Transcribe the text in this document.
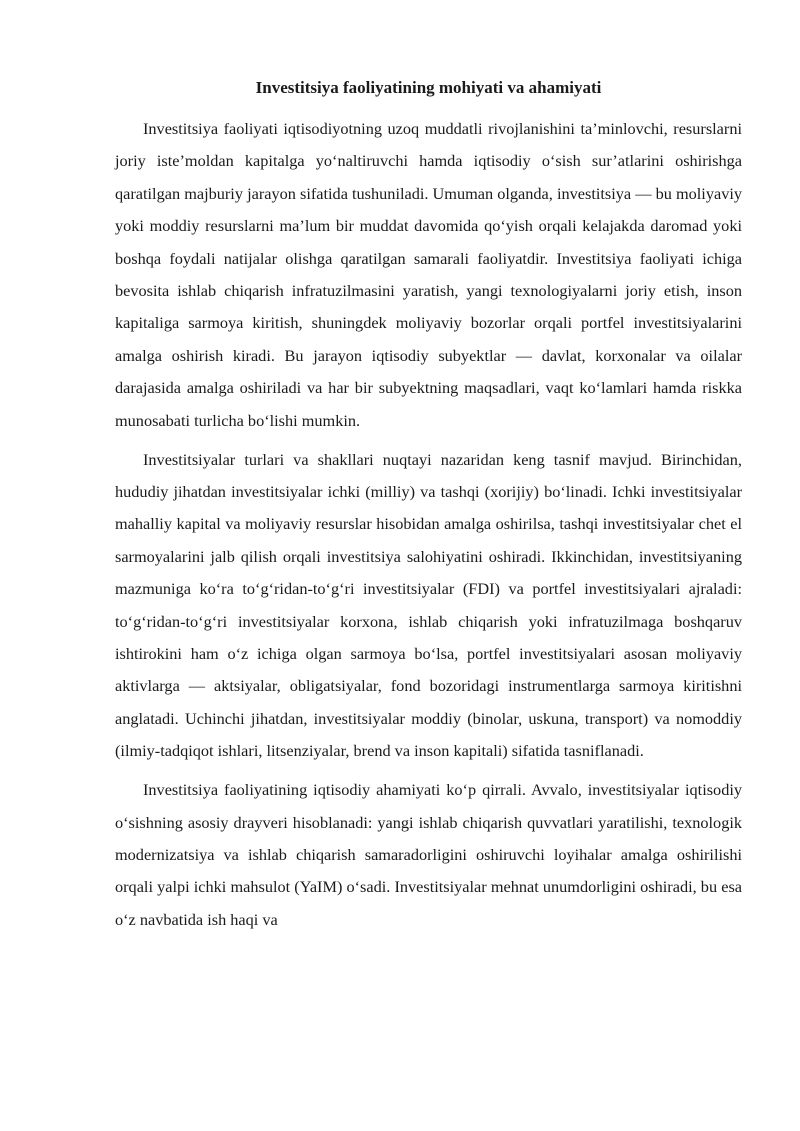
Investitsiya faoliyatining mohiyati va ahamiyati

Investitsiya faoliyati iqtisodiyotning uzoq muddatli rivojlanishini ta’minlovchi, resurslarni joriy iste’moldan kapitalga yo‘naltiruvchi hamda iqtisodiy o‘sish sur’atlarini oshirishga qaratilgan majburiy jarayon sifatida tushuniladi. Umuman olganda, investitsiya — bu moliyaviy yoki moddiy resurslarni ma’lum bir muddat davomida qo‘yish orqali kelajakda daromad yoki boshqa foydali natijalar olishga qaratilgan samarali faoliyatdir. Investitsiya faoliyati ichiga bevosita ishlab chiqarish infratuzilmasini yaratish, yangi texnologiyalarni joriy etish, inson kapitaliga sarmoya kiritish, shuningdek moliyaviy bozorlar orqali portfel investitsiyalarini amalga oshirish kiradi. Bu jarayon iqtisodiy subyektlar — davlat, korxonalar va oilalar darajasida amalga oshiriladi va har bir subyektning maqsadlari, vaqt ko‘lamlari hamda riskka munosabati turlicha bo‘lishi mumkin.

Investitsiyalar turlari va shakllari nuqtayi nazaridan keng tasnif mavjud. Birinchidan, hududiy jihatdan investitsiyalar ichki (milliy) va tashqi (xorijiy) bo‘linadi. Ichki investitsiyalar mahalliy kapital va moliyaviy resurslar hisobidan amalga oshirilsa, tashqi investitsiyalar chet el sarmoyalarini jalb qilish orqali investitsiya salohiyatini oshiradi. Ikkinchidan, investitsiyaning mazmuniga ko‘ra to‘g‘ridan-to‘g‘ri investitsiyalar (FDI) va portfel investitsiyalari ajraladi: to‘g‘ridan-to‘g‘ri investitsiyalar korxona, ishlab chiqarish yoki infratuzilmaga boshqaruv ishtirokini ham o‘z ichiga olgan sarmoya bo‘lsa, portfel investitsiyalari asosan moliyaviy aktivlarga — aktsiyalar, obligatsiyalar, fond bozoridagi instrumentlarga sarmoya kiritishni anglatadi. Uchinchi jihatdan, investitsiyalar moddiy (binolar, uskuna, transport) va nomoddiy (ilmiy-tadqiqot ishlari, litsenziyalar, brend va inson kapitali) sifatida tasniflanadi.

Investitsiya faoliyatining iqtisodiy ahamiyati ko‘p qirrali. Avvalo, investitsiyalar iqtisodiy o‘sishning asosiy drayveri hisoblanadi: yangi ishlab chiqarish quvvatlari yaratilishi, texnologik modernizatsiya va ishlab chiqarish samaradorligini oshiruvchi loyihalar amalga oshirilishi orqali yalpi ichki mahsulot (YaIM) o‘sadi. Investitsiyalar mehnat unumdorligini oshiradi, bu esa o‘z navbatida ish haqi va
